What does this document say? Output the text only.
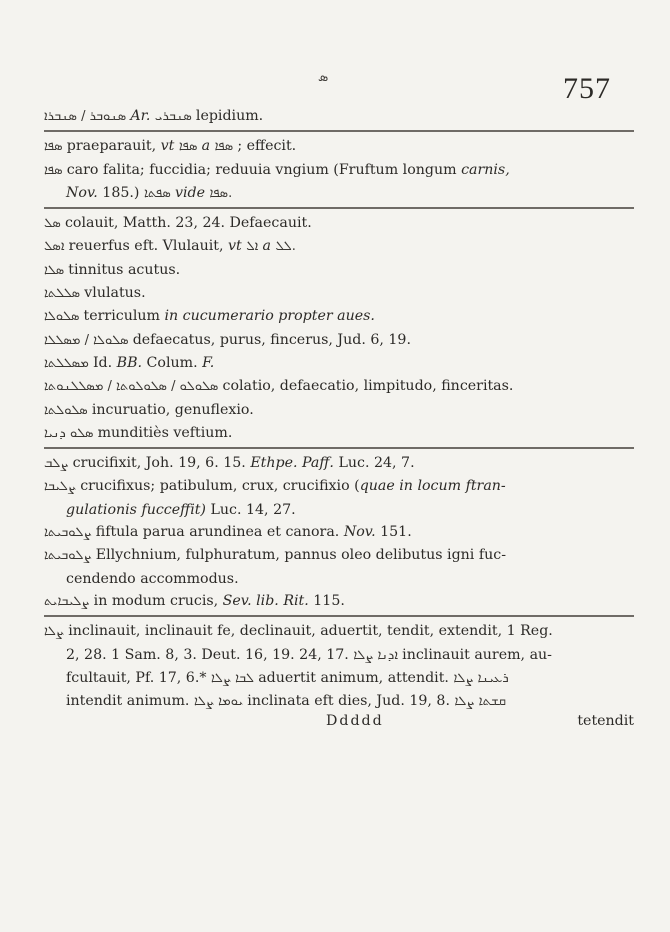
ܣ	757
ܣܢܘܒܪ / ܣܢܒܪܐ Ar. ܣܢܒܪܝ lepidium.
ܣܦܐ praeparauit, vt ܣܦܐ a ܣܦܐ ; effecit.
ܣܦܐ caro falita; fuccidia; reduuia vngium (Fruftum longum carnis,
Nov. 185.) ܣܦܬܐ vide ܣܦܐ.
ܣܠ colauit, Matth. 23, 24. Defaecauit.
ܐܣܠ reuerfus eft. Vlulauit, vt ܐܠ a ܠܠ.
ܣܠܐ tinnitus acutus.
ܣܠܠܬܐ vlulatus.
ܣܠܘܠܐ terriculum in cucumerario propter aues.
ܣܠܘܠܐ / ܡܣܠܠܐ defaecatus, purus, fincerus, Jud. 6, 19.
ܡܣܠܠܬܐ Id. BB. Colum. F.
ܣܠܘܠܘ / ܣܠܘܠܘܬܐ / ܡܣܠܠܢܘܬܐ colatio, defaecatio, limpitudo, finceritas.
ܣܠܘܠܬܐ incuruatio, genuflexio.
ܣܠܘ ܕܢܝܐ munditiès veftium.
ܨܠܒ crucifixit, Joh. 19, 6. 15. Ethpe. Paff. Luc. 24, 7.
ܨܠܝܒܐ crucifixus; patibulum, crux, crucifixio (quae in locum ftran-
gulationis fucceffit) Luc. 14, 27.
ܨܠܘܒܝܬܐ fiftula parua arundinea et canora. Nov. 151.
ܨܠܘܒܝܬܐ Ellychnium, fulphuratum, pannus oleo delibutus igni fuc-
cendendo accommodus.
ܨܠܝܒܐܝܬ in modum crucis, Sev. lib. Rit. 115.
ܨܠܐ inclinauit, inclinauit fe, declinauit, aduertit, tendit, extendit, 1 Reg.
2, 28. 1 Sam. 8, 3. Deut. 16, 19. 24, 17. ܐܕܢܐ ܨܠܐ inclinauit aurem, au-
fcultauit, Pf. 17, 6.* ܠܒܐ ܨܠܐ aduertit animum, attendit. ܪܥܝܢܐ ܨܠܐ
intendit animum. ܝܘܡܐ ܨܠܐ inclinata eft dies, Jud. 19, 8. ܩܫܬܐ ܨܠܐ
Ddddd	tetendit
